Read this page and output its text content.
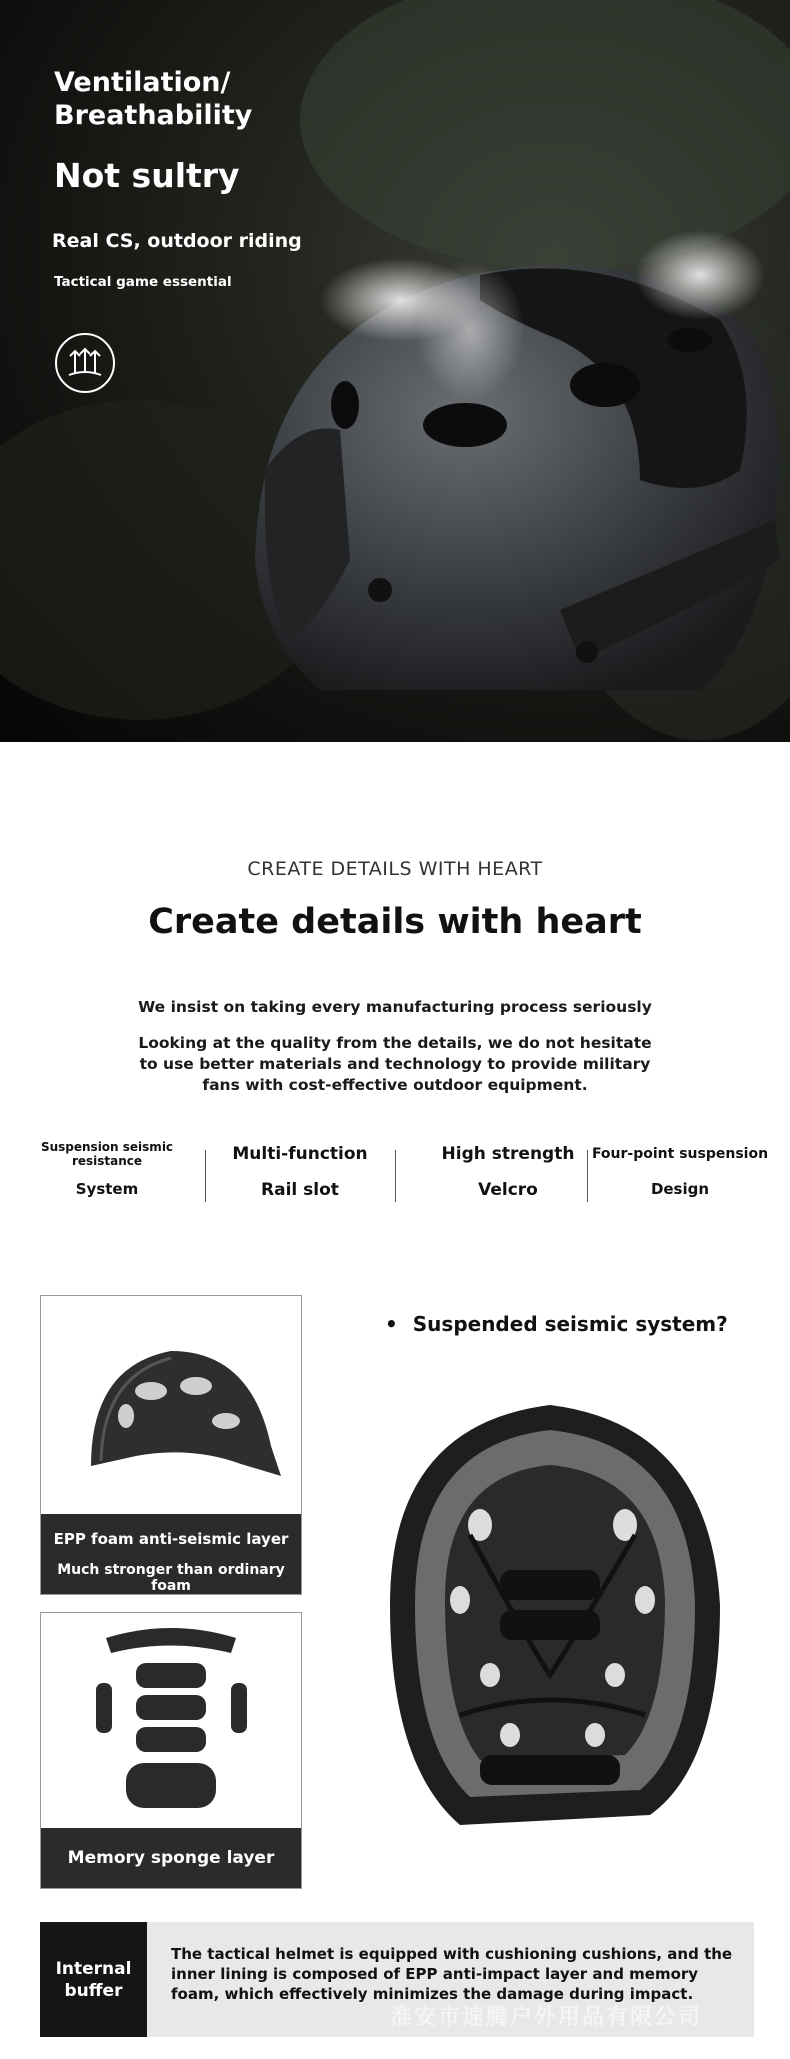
Ventilation/ Breathability
Not sultry
Real CS, outdoor riding
Tactical game essential
CREATE DETAILS WITH HEART
Create details with heart
We insist on taking every manufacturing process seriously
Looking at the quality from the details, we do not hesitate to use better materials and technology to provide military fans with cost-effective outdoor equipment.
Suspension seismic resistance
System
Multi-function
Rail slot
High strength
Velcro
Four-point suspension
Design
EPP foam anti-seismic layer
Much stronger than ordinary foam
Memory sponge layer
• Suspended seismic system?
Internal buffer
The tactical helmet is equipped with cushioning cushions, and the inner lining is composed of EPP anti-impact layer and memory foam, which effectively minimizes the damage during impact.
淮安市速腾户外用品有限公司
